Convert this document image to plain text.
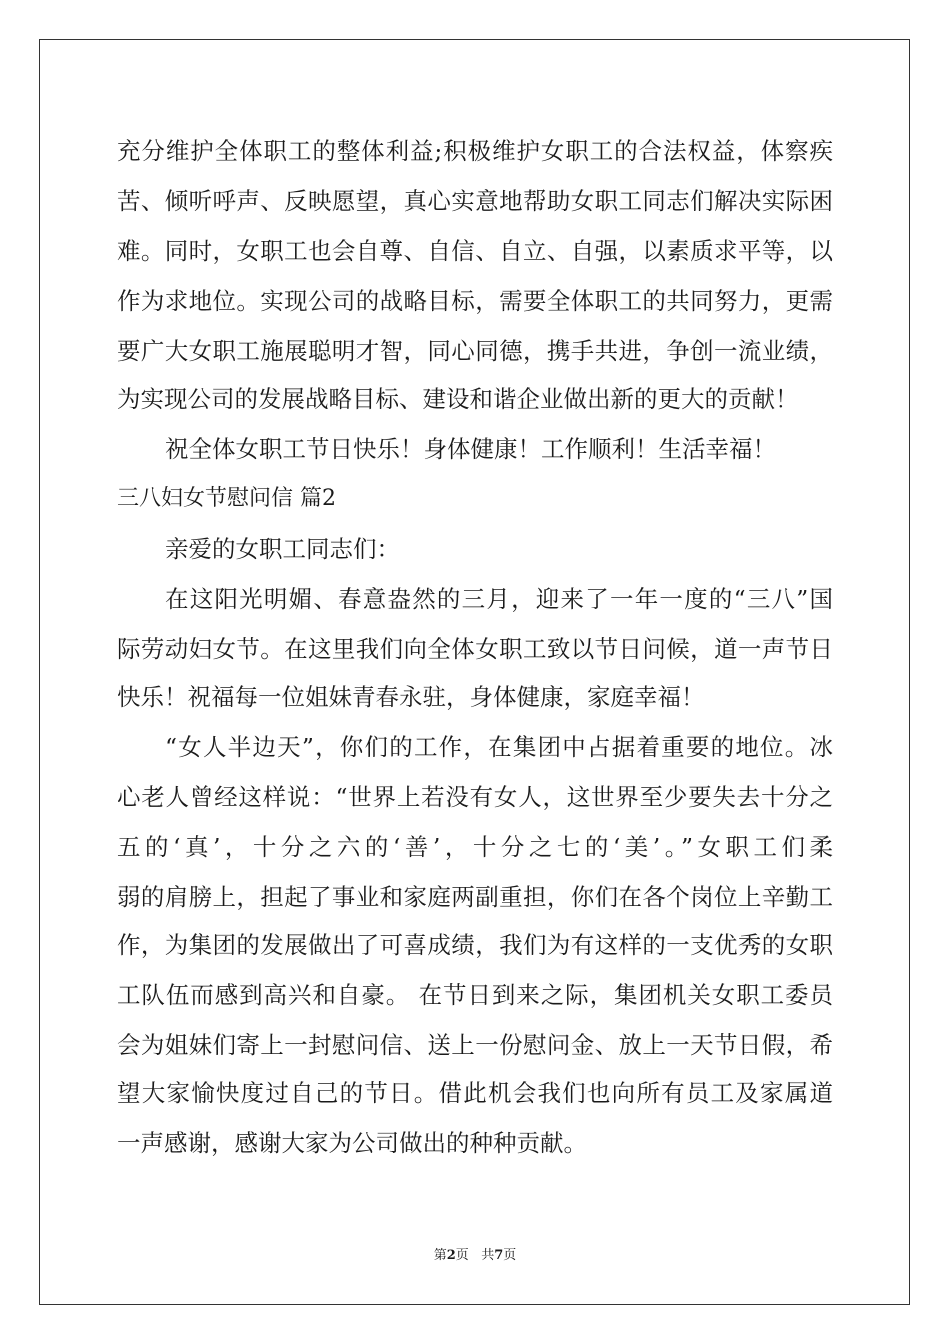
充分维护全体职工的整体利益;积极维护女职工的合法权益，体察疾
苦、倾听呼声、反映愿望，真心实意地帮助女职工同志们解决实际困
难。同时，女职工也会自尊、自信、自立、自强，以素质求平等，以
作为求地位。实现公司的战略目标，需要全体职工的共同努力，更需
要广大女职工施展聪明才智，同心同德，携手共进，争创一流业绩，
为实现公司的发展战略目标、建设和谐企业做出新的更大的贡献！
祝全体女职工节日快乐！身体健康！工作顺利！生活幸福！
三八妇女节慰问信 篇2
亲爱的女职工同志们：
在这阳光明媚、春意盎然的三月，迎来了一年一度的“三八”国
际劳动妇女节。在这里我们向全体女职工致以节日问候，道一声节日
快乐！祝福每一位姐妹青春永驻，身体健康，家庭幸福！
“女人半边天”，你们的工作，在集团中占据着重要的地位。冰
心老人曾经这样说：“世界上若没有女人，这世界至少要失去十分之
五的‘真’，十分之六的‘善’，十分之七的‘美’。”女职工们柔
弱的肩膀上，担起了事业和家庭两副重担，你们在各个岗位上辛勤工
作，为集团的发展做出了可喜成绩，我们为有这样的一支优秀的女职
工队伍而感到高兴和自豪。 在节日到来之际，集团机关女职工委员
会为姐妹们寄上一封慰问信、送上一份慰问金、放上一天节日假，希
望大家愉快度过自己的节日。借此机会我们也向所有员工及家属道
一声感谢，感谢大家为公司做出的种种贡献。
第2页 共7页
